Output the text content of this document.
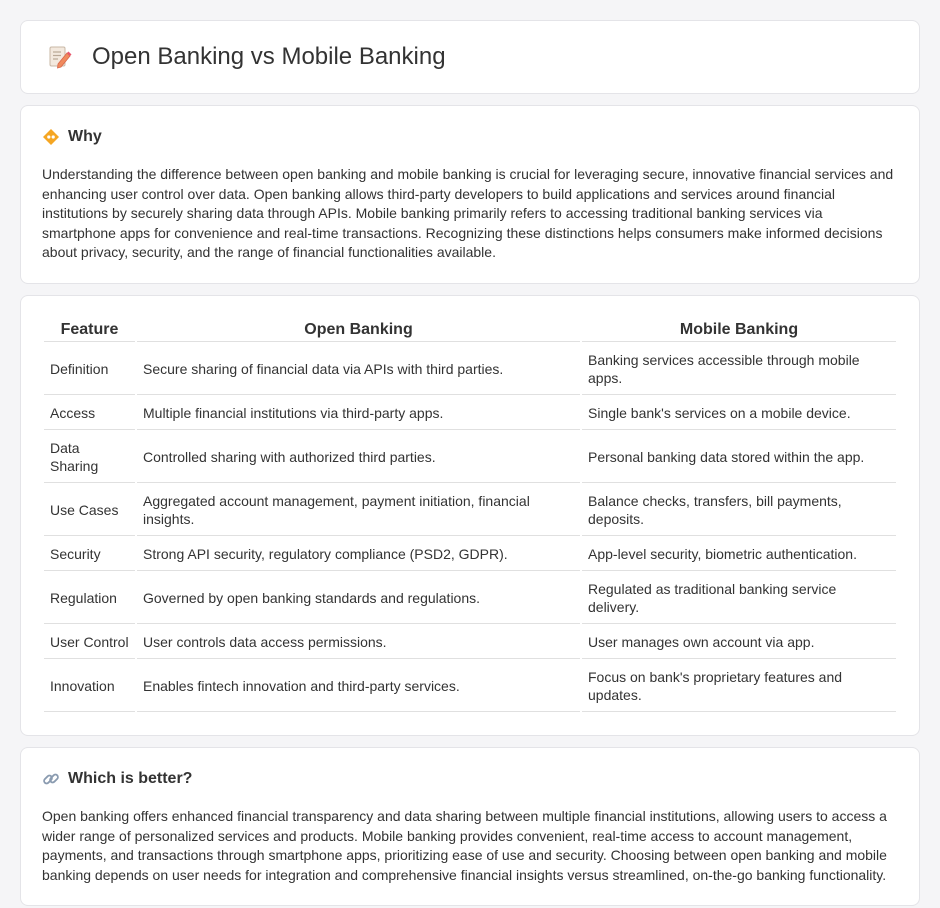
Open Banking vs Mobile Banking
Why

Understanding the difference between open banking and mobile banking is crucial for leveraging secure, innovative financial services and enhancing user control over data. Open banking allows third-party developers to build applications and services around financial institutions by securely sharing data through APIs. Mobile banking primarily refers to accessing traditional banking services via smartphone apps for convenience and real-time transactions. Recognizing these distinctions helps consumers make informed decisions about privacy, security, and the range of financial functionalities available.

Feature	Open Banking	Mobile Banking
Definition	Secure sharing of financial data via APIs with third parties.	Banking services accessible through mobile apps.
Access	Multiple financial institutions via third-party apps.	Single bank's services on a mobile device.
Data Sharing	Controlled sharing with authorized third parties.	Personal banking data stored within the app.
Use Cases	Aggregated account management, payment initiation, financial insights.	Balance checks, transfers, bill payments, deposits.
Security	Strong API security, regulatory compliance (PSD2, GDPR).	App-level security, biometric authentication.
Regulation	Governed by open banking standards and regulations.	Regulated as traditional banking service delivery.
User Control	User controls data access permissions.	User manages own account via app.
Innovation	Enables fintech innovation and third-party services.	Focus on bank's proprietary features and updates.
Which is better?

Open banking offers enhanced financial transparency and data sharing between multiple financial institutions, allowing users to access a wider range of personalized services and products. Mobile banking provides convenient, real-time access to account management, payments, and transactions through smartphone apps, prioritizing ease of use and security. Choosing between open banking and mobile banking depends on user needs for integration and comprehensive financial insights versus streamlined, on-the-go banking functionality.
